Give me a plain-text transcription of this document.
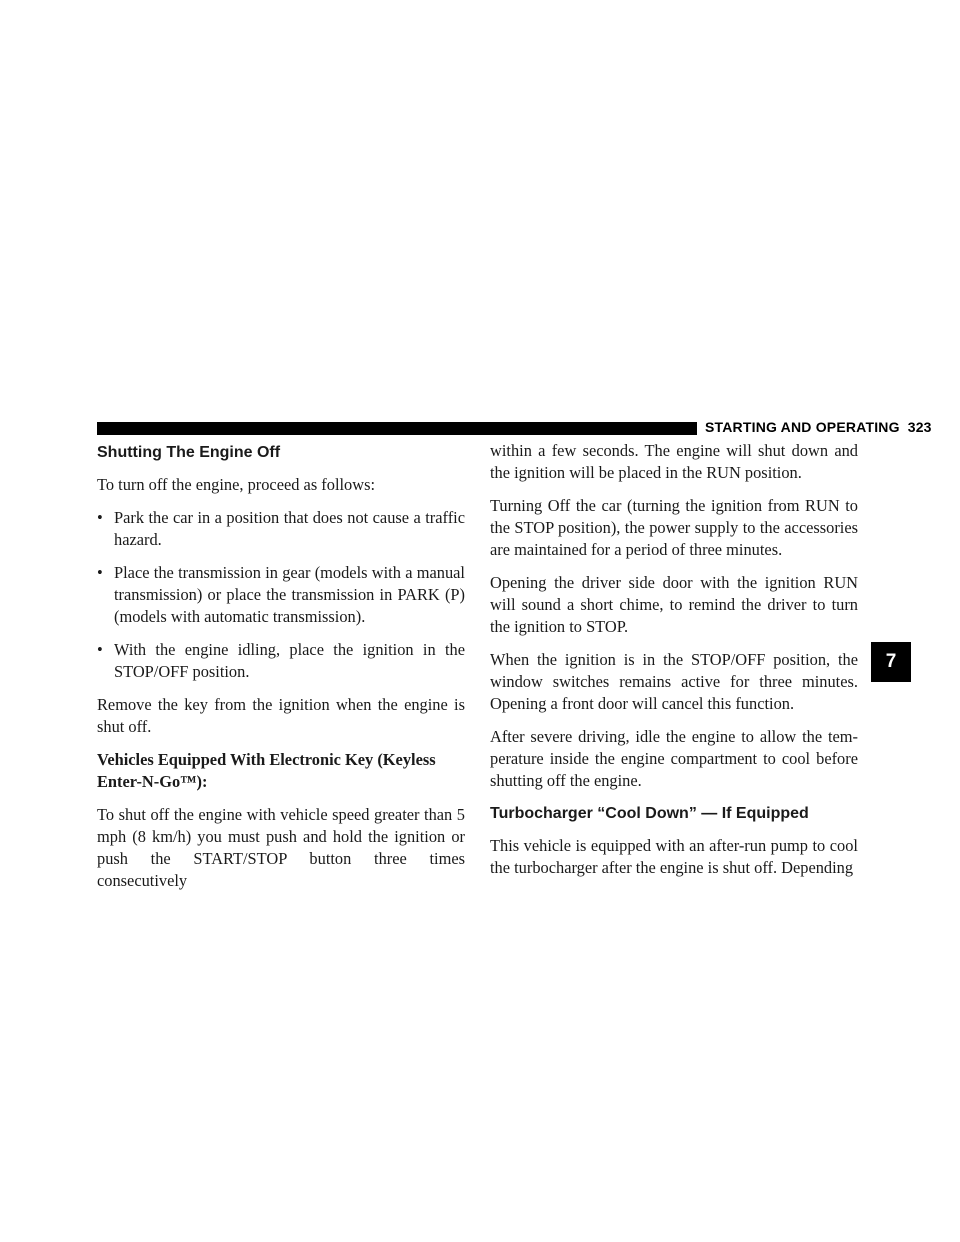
STARTING AND OPERATING 323
Shutting The Engine Off

To turn off the engine, proceed as follows:

• Park the car in a position that does not cause a traffic hazard.
• Place the transmission in gear (models with a manual transmission) or place the transmission in PARK (P) (models with automatic transmission).
• With the engine idling, place the ignition in the STOP/OFF position.

Remove the key from the ignition when the engine is shut off.

Vehicles Equipped With Electronic Key (Keyless Enter-N-Go™):

To shut off the engine with vehicle speed greater than 5 mph (8 km/h) you must push and hold the ignition or push the START/STOP button three times consecutively

within a few seconds. The engine will shut down and the ignition will be placed in the RUN position.

Turning Off the car (turning the ignition from RUN to the STOP position), the power supply to the accessories are maintained for a period of three minutes.

Opening the driver side door with the ignition RUN will sound a short chime, to remind the driver to turn the ignition to STOP.

When the ignition is in the STOP/OFF position, the window switches remains active for three minutes. Opening a front door will cancel this function.

After severe driving, idle the engine to allow the tem-perature inside the engine compartment to cool before shutting off the engine.

Turbocharger “Cool Down” — If Equipped

This vehicle is equipped with an after-run pump to cool the turbocharger after the engine is shut off. Depending

7
